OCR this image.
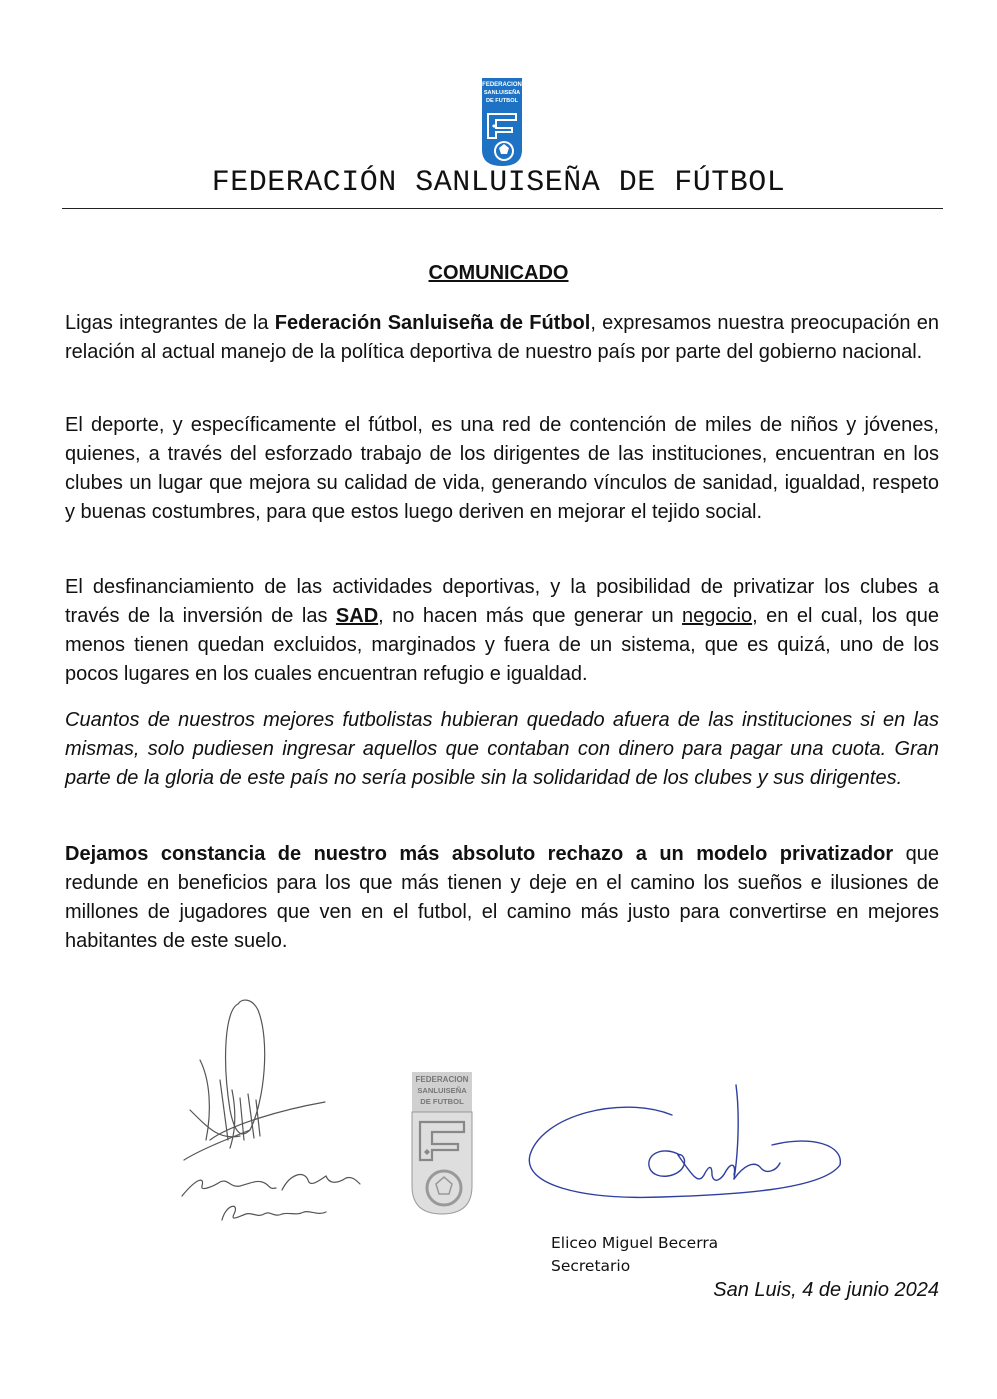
FEDERACION
SANLUISEÑA
DE FUTBOL
FEDERACIÓN SANLUISEÑA DE FÚTBOL
COMUNICADO

Ligas integrantes de la Federación Sanluiseña de Fútbol, expresamos nuestra preocupación en relación al actual manejo de la política deportiva de nuestro país por parte del gobierno nacional.

El deporte, y específicamente el fútbol, es una red de contención de miles de niños y jóvenes, quienes, a través del esforzado trabajo de los dirigentes de las instituciones, encuentran en los clubes un lugar que mejora su calidad de vida, generando vínculos de sanidad, igualdad, respeto y buenas costumbres, para que estos luego deriven en mejorar el tejido social.

El desfinanciamiento de las actividades deportivas, y la posibilidad de privatizar los clubes a través de la inversión de las SAD, no hacen más que generar un negocio, en el cual, los que menos tienen quedan excluidos, marginados y fuera de un sistema, que es quizá, uno de los pocos lugares en los cuales encuentran refugio e igualdad.

Cuantos de nuestros mejores futbolistas hubieran quedado afuera de las instituciones si en las mismas, solo pudiesen ingresar aquellos que contaban con dinero para pagar una cuota. Gran parte de la gloria de este país no sería posible sin la solidaridad de los clubes y sus dirigentes.

Dejamos constancia de nuestro más absoluto rechazo a un modelo privatizador que redunde en beneficios para los que más tienen y deje en el camino los sueños e ilusiones de millones de jugadores que ven en el futbol, el camino más justo para convertirse en mejores habitantes de este suelo.

FEDERACION
SANLUISEÑA
DE FUTBOL
Eliceo Miguel Becerra
Secretario
San Luis, 4 de junio 2024
